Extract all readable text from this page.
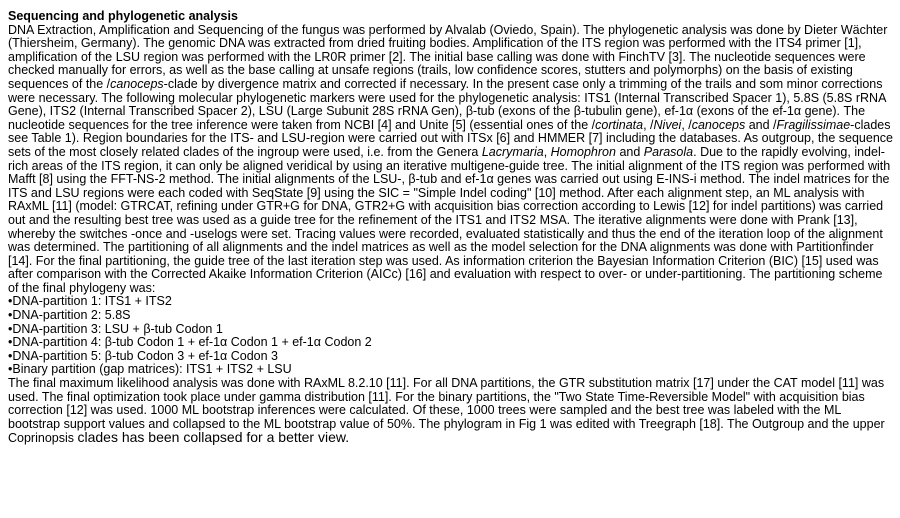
Sequencing and phylogenetic analysis

DNA Extraction, Amplification and Sequencing of the fungus was performed by Alvalab (Oviedo, Spain). The phylogenetic analysis was done by Dieter Wächter (Thiersheim, Germany). The genomic DNA was extracted from dried fruiting bodies. Amplification of the ITS region was performed with the ITS4 primer [1], amplification of the LSU region was performed with the LR0R primer [2]. The initial base calling was done with FinchTV [3]. The nucleotide sequences were checked manually for errors, as well as the base calling at unsafe regions (trails, low confidence scores, stutters and polymorphs) on the basis of existing sequences of the /canoceps-clade by divergence matrix and corrected if necessary. In the present case only a trimming of the trails and som minor corrections were necessary. The following molecular phylogenetic markers were used for the phylogenetic analysis: ITS1 (Internal Transcribed Spacer 1), 5.8S (5.8S rRNA Gene), ITS2 (Internal Transcribed Spacer 2), LSU (Large Subunit 28S rRNA Gen), β-tub (exons of the β-tubulin gene), ef-1α (exons of the ef-1α gene). The nucleotide sequences for the tree inference were taken from NCBI [4] and Unite [5] (essential ones of the /cortinata, /Nivei, /canoceps and /Fragilissimae-clades see Table 1). Region boundaries for the ITS- and LSU-region were carried out with ITSx [6] and HMMER [7] including the databases. As outgroup, the sequence sets of the most closely related clades of the ingroup were used, i.e. from the Genera Lacrymaria, Homophron and Parasola. Due to the rapidly evolving, indel-rich areas of the ITS region, it can only be aligned veridical by using an iterative multigene-guide tree. The initial alignment of the ITS region was performed with Mafft [8] using the FFT-NS-2 method. The initial alignments of the LSU-, β-tub and ef-1α genes was carried out using E-INS-i method. The indel matrices for the ITS and LSU regions were each coded with SeqState [9] using the SIC = "Simple Indel coding" [10] method. After each alignment step, an ML analysis with RAxML [11] (model: GTRCAT, refining under GTR+G for DNA, GTR2+G with acquisition bias correction according to Lewis [12] for indel partitions) was carried out and the resulting best tree was used as a guide tree for the refinement of the ITS1 and ITS2 MSA. The iterative alignments were done with Prank [13], whereby the switches -once and -uselogs were set. Tracing values were recorded, evaluated statistically and thus the end of the iteration loop of the alignment was determined. The partitioning of all alignments and the indel matrices as well as the model selection for the DNA alignments was done with Partitionfinder [14]. For the final partitioning, the guide tree of the last iteration step was used. As information criterion the Bayesian Information Criterion (BIC) [15] used was after comparison with the Corrected Akaike Information Criterion (AICc) [16] and evaluation with respect to over- or under-partitioning. The partitioning scheme of the final phylogeny was:

•DNA-partition 1: ITS1 + ITS2
•DNA-partition 2: 5.8S
•DNA-partition 3: LSU + β-tub Codon 1
•DNA-partition 4: β-tub Codon 1 + ef-1α Codon 1 + ef-1α Codon 2
•DNA-partition 5: β-tub Codon 3 + ef-1α Codon 3
•Binary partition (gap matrices): ITS1 + ITS2 + LSU

The final maximum likelihood analysis was done with RAxML 8.2.10 [11]. For all DNA partitions, the GTR substitution matrix [17] under the CAT model [11] was used. The final optimization took place under gamma distribution [11]. For the binary partitions, the "Two State Time-Reversible Model" with acquisition bias correction [12] was used. 1000 ML bootstrap inferences were calculated. Of these, 1000 trees were sampled and the best tree was labeled with the ML bootstrap support values and collapsed to the ML bootstrap value of 50%. The phylogram in Fig 1 was edited with Treegraph [18]. The Outgroup and the upper Coprinopsis clades has been collapsed for a better view.
